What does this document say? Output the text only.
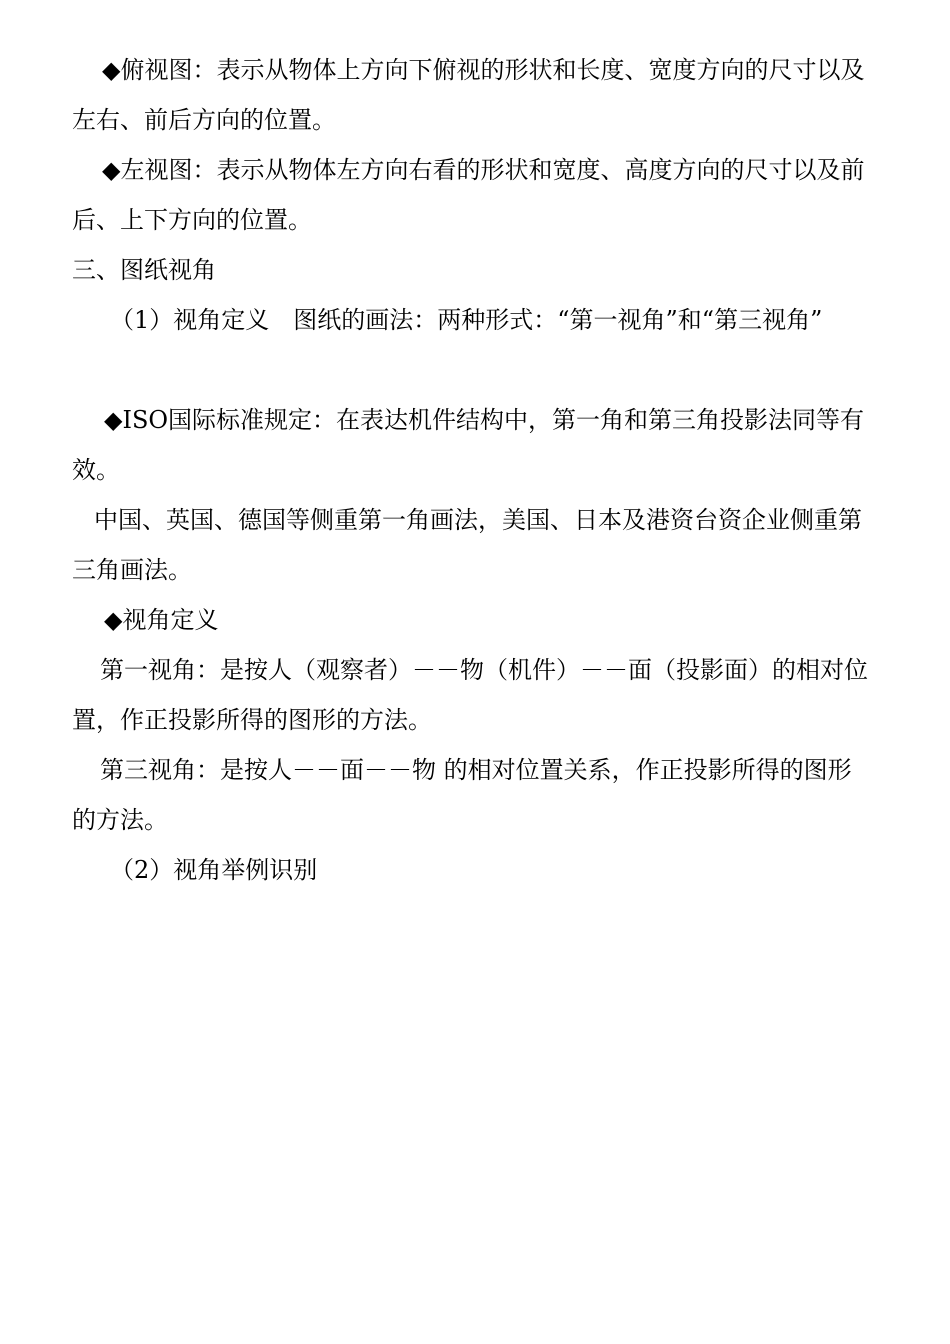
◆俯视图：表示从物体上方向下俯视的形状和长度、宽度方向的尺寸以及左右、前后方向的位置。

◆左视图：表示从物体左方向右看的形状和宽度、高度方向的尺寸以及前后、上下方向的位置。

三、图纸视角

（1）视角定义　图纸的画法：两种形式：“第一视角”和“第三视角”

◆ISO国际标准规定：在表达机件结构中，第一角和第三角投影法同等有效。

中国、英国、德国等侧重第一角画法，美国、日本及港资台资企业侧重第三角画法。

◆视角定义

第一视角：是按人（观察者）－－物（机件）－－面（投影面）的相对位置，作正投影所得的图形的方法。

第三视角：是按人－－面－－物 的相对位置关系，作正投影所得的图形的方法。

（2）视角举例识别
